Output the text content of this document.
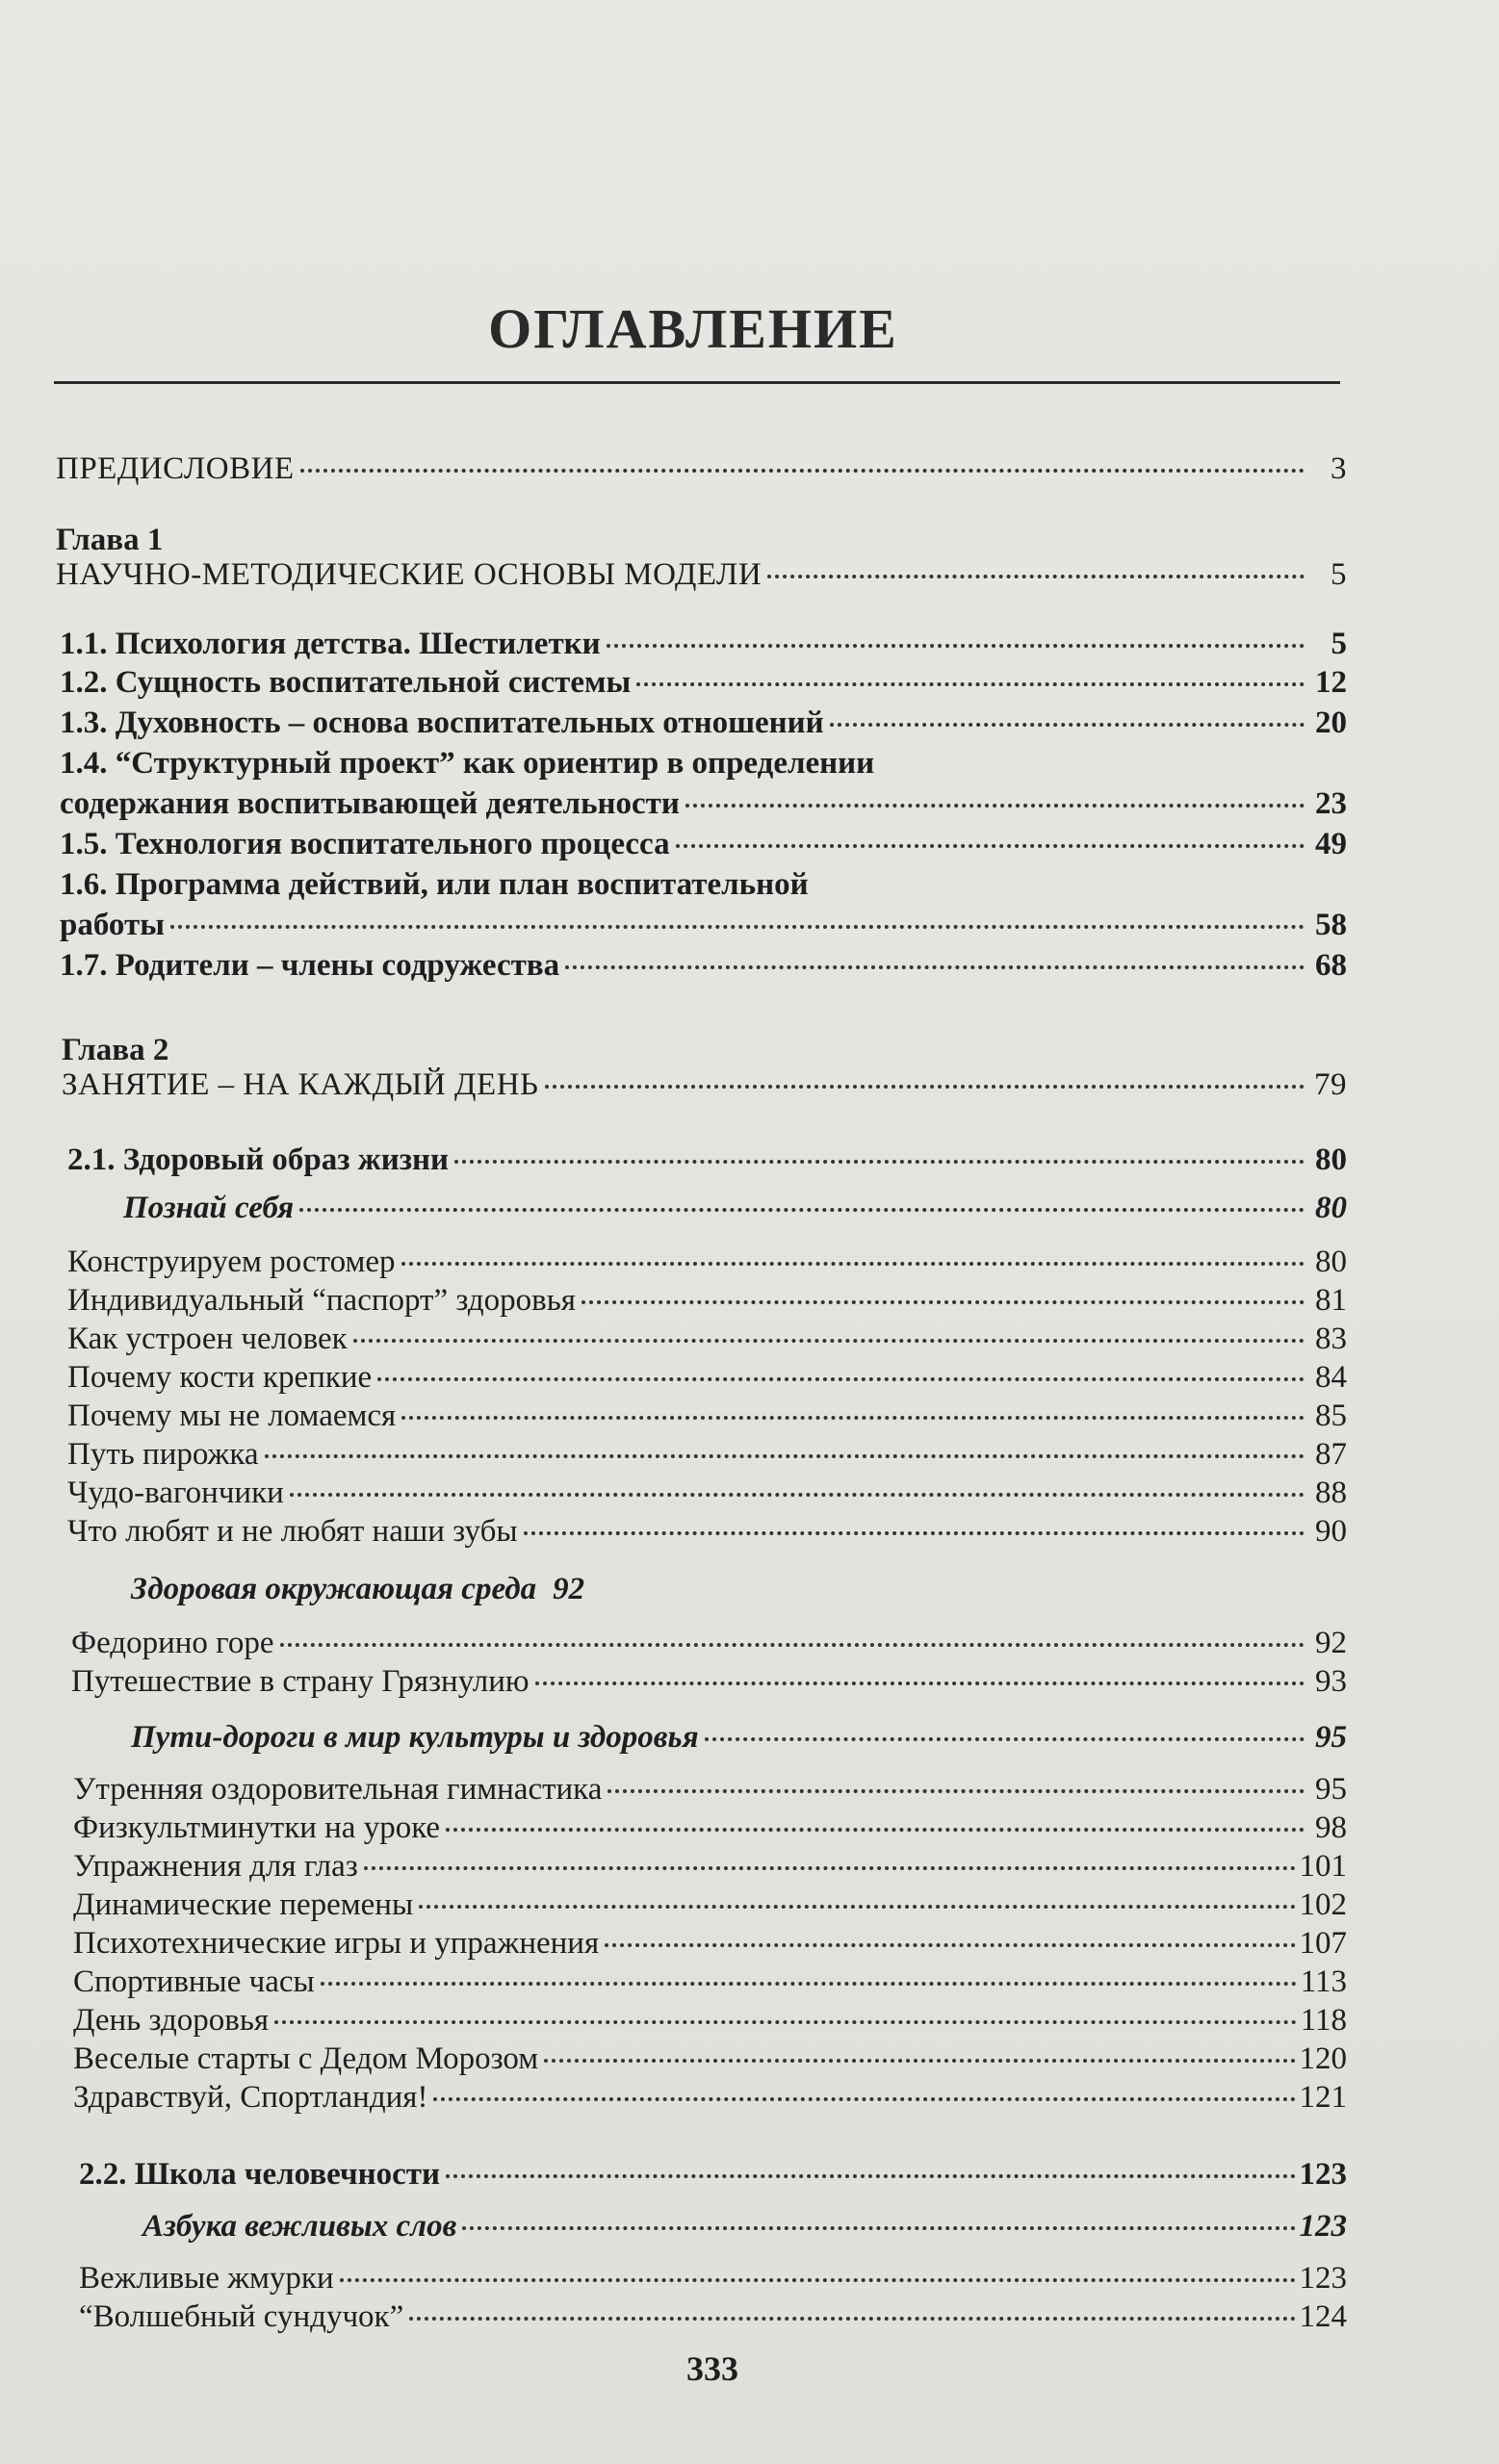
ОГЛАВЛЕНИЕ
ПРЕДИСЛОВИЕ	3
Глава 1
НАУЧНО-МЕТОДИЧЕСКИЕ ОСНОВЫ МОДЕЛИ	5
1.1. Психология детства. Шестилетки	5
1.2. Сущность воспитательной системы	12
1.3. Духовность – основа воспитательных отношений	20
1.4. “Структурный проект” как ориентир в определении
содержания воспитывающей деятельности	23
1.5. Технология воспитательного процесса	49
1.6. Программа действий, или план воспитательной
работы	58
1.7. Родители – члены содружества	68
Глава 2
ЗАНЯТИЕ – НА КАЖДЫЙ ДЕНЬ	79
2.1. Здоровый образ жизни	80
Познай себя	80
Конструируем ростомер	80
Индивидуальный “паспорт” здоровья	81
Как устроен человек	83
Почему кости крепкие	84
Почему мы не ломаемся	85
Путь пирожка	87
Чудо-вагончики	88
Что любят и не любят наши зубы	90
Здоровая окружающая среда 92
Федорино горе	92
Путешествие в страну Грязнулию	93
Пути-дороги в мир культуры и здоровья	95
Утренняя оздоровительная гимнастика	95
Физкультминутки на уроке	98
Упражнения для глаз	101
Динамические перемены	102
Психотехнические игры и упражнения	107
Спортивные часы	113
День здоровья	118
Веселые старты с Дедом Морозом	120
Здравствуй, Спортландия!	121
2.2. Школа человечности	123
Азбука вежливых слов	123
Вежливые жмурки	123
“Волшебный сундучок”	124
333
